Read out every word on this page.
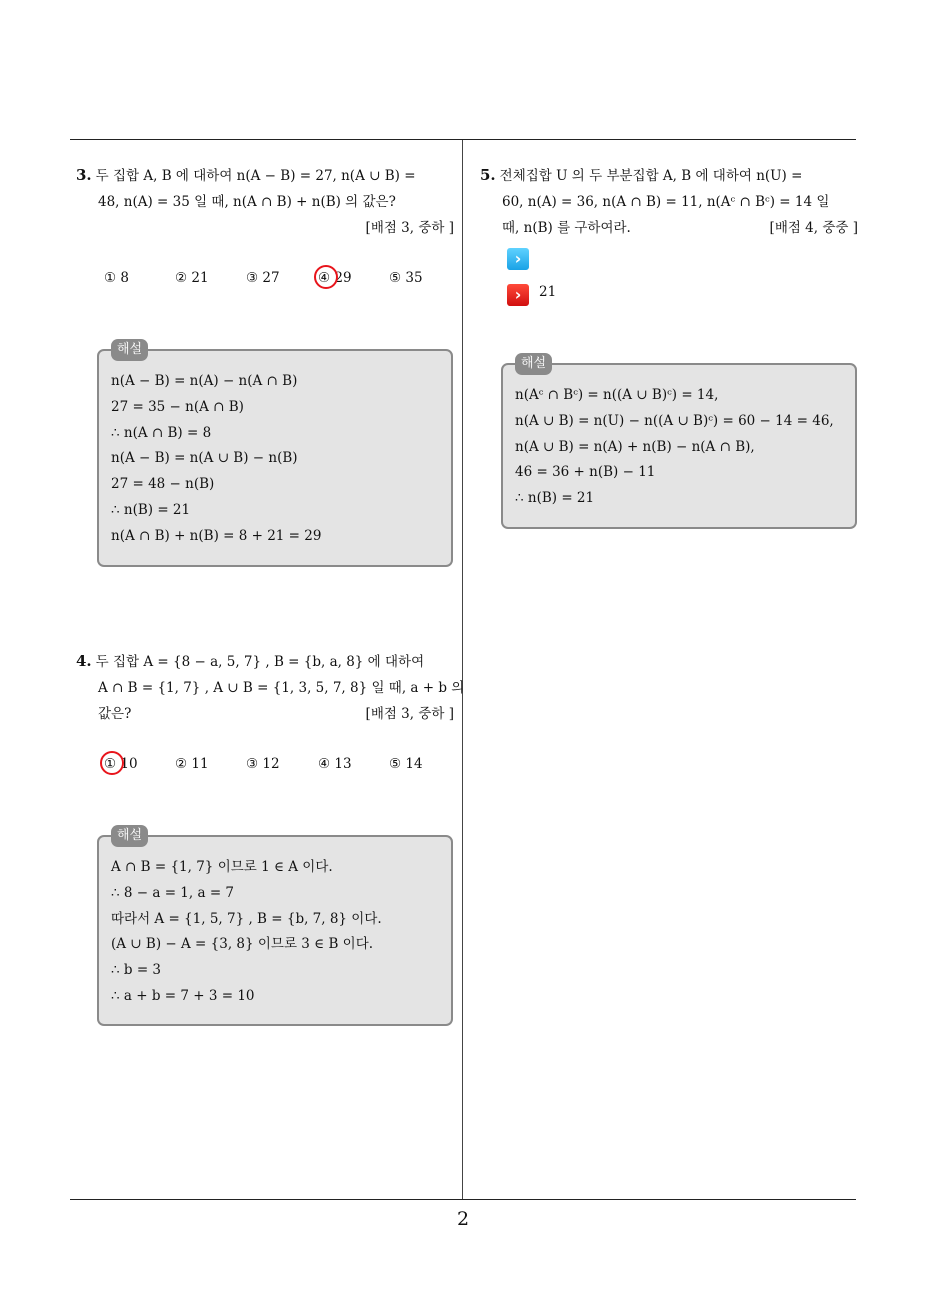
2
3. 두 집합 A, B 에 대하여 n(A − B) = 27, n(A ∪ B) =
48, n(A) = 35 일 때, n(A ∩ B) + n(B) 의 값은?
[배점 3, 중하 ]
① 8	② 21	③ 27	④ 29	⑤ 35
해설
n(A − B) = n(A) − n(A ∩ B)
27 = 35 − n(A ∩ B)
∴ n(A ∩ B) = 8
n(A − B) = n(A ∪ B) − n(B)
27 = 48 − n(B)
∴ n(B) = 21
n(A ∩ B) + n(B) = 8 + 21 = 29
4. 두 집합 A = {8 − a, 5, 7} , B = {b, a, 8} 에 대하여
A ∩ B = {1, 7} , A ∪ B = {1, 3, 5, 7, 8} 일 때, a + b 의
값은?	[배점 3, 중하 ]
① 10	② 11	③ 12	④ 13	⑤ 14
해설
A ∩ B = {1, 7} 이므로 1 ∈ A 이다.
∴ 8 − a = 1, a = 7
따라서 A = {1, 5, 7} , B = {b, 7, 8} 이다.
(A ∪ B) − A = {3, 8} 이므로 3 ∈ B 이다.
∴ b = 3
∴ a + b = 7 + 3 = 10
5. 전체집합 U 의 두 부분집합 A, B 에 대하여 n(U) =
60, n(A) = 36, n(A ∩ B) = 11, n(Aᶜ ∩ Bᶜ) = 14 일
때, n(B) 를 구하여라.	[배점 4, 중중 ]
›
›	21
해설
n(Aᶜ ∩ Bᶜ) = n((A ∪ B)ᶜ) = 14,
n(A ∪ B) = n(U) − n((A ∪ B)ᶜ) = 60 − 14 = 46,
n(A ∪ B) = n(A) + n(B) − n(A ∩ B),
46 = 36 + n(B) − 11
∴ n(B) = 21
